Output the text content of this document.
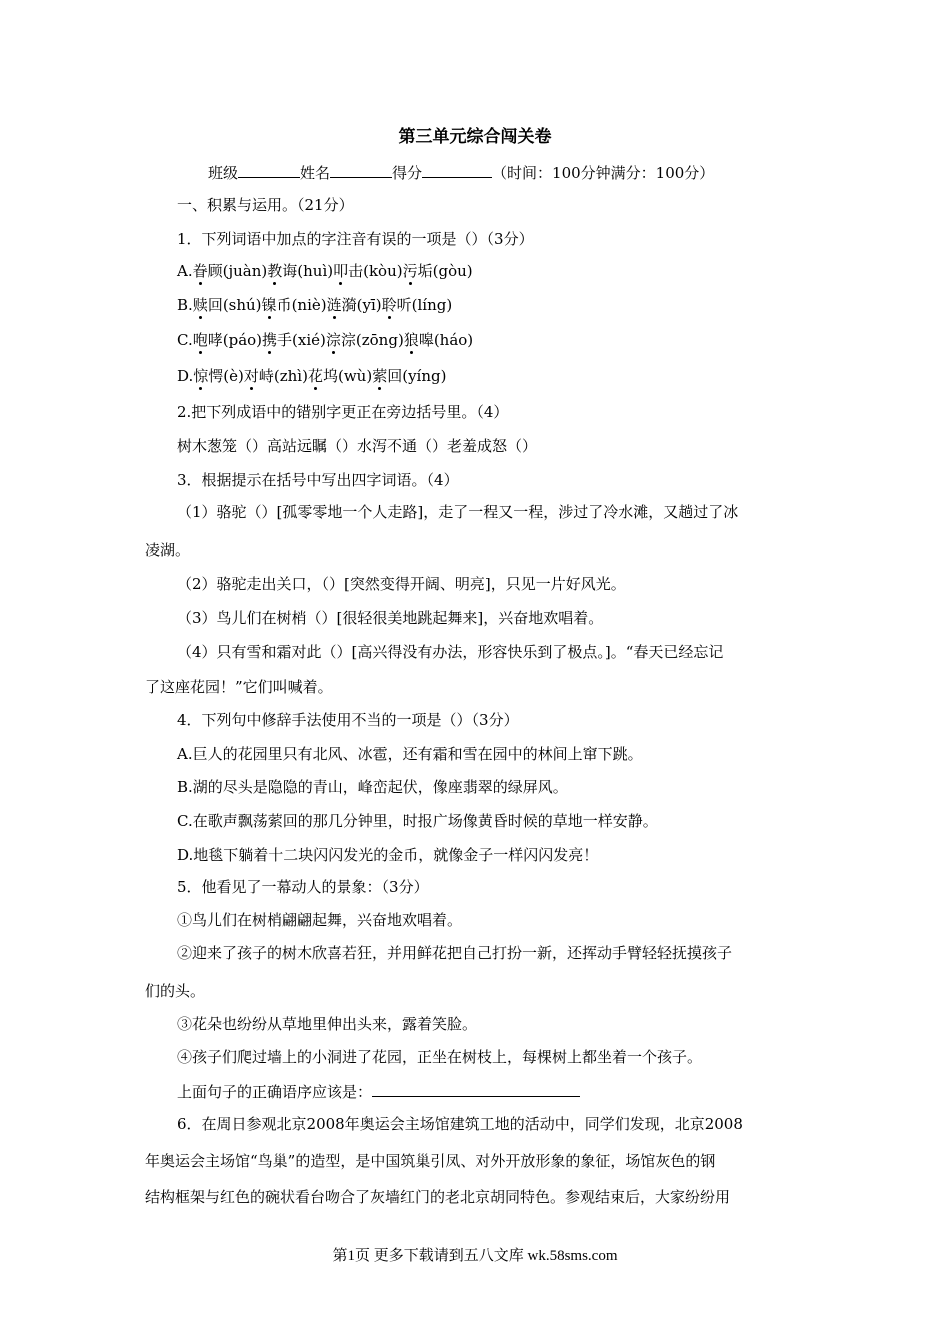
第三单元综合闯关卷
班级	姓名	得分	（时间：100分钟满分：100分）
一、积累与运用。（21分）
1．下列词语中加点的字注音有误的一项是（）（3分）
A.眷顾(juàn)教诲(huì)叩击(kòu)污垢(gòu)
B.赎回(shú)镍币(niè)涟漪(yī)聆听(líng)
C.咆哮(páo)携手(xié)淙淙(zōng)狼嗥(háo)
D.惊愕(è)对峙(zhì)花坞(wù)萦回(yíng)
2.把下列成语中的错别字更正在旁边括号里。（4）
树木葱笼（）高站远瞩（）水泻不通（）老羞成怒（）
3．根据提示在括号中写出四字词语。（4）
（1）骆驼（）[孤零零地一个人走路]，走了一程又一程，涉过了冷水滩，又趟过了冰
凌湖。
（2）骆驼走出关口，（）[突然变得开阔、明亮]，只见一片好风光。
（3）鸟儿们在树梢（）[很轻很美地跳起舞来]，兴奋地欢唱着。
（4）只有雪和霜对此（）[高兴得没有办法，形容快乐到了极点。]。“春天已经忘记
了这座花园！”它们叫喊着。
4．下列句中修辞手法使用不当的一项是（）（3分）
A.巨人的花园里只有北风、冰雹，还有霜和雪在园中的林间上窜下跳。
B.湖的尽头是隐隐的青山，峰峦起伏，像座翡翠的绿屏风。
C.在歌声飘荡萦回的那几分钟里，时报广场像黄昏时候的草地一样安静。
D.地毯下躺着十二块闪闪发光的金币，就像金子一样闪闪发亮！
5．他看见了一幕动人的景象：（3分）
①鸟儿们在树梢翩翩起舞，兴奋地欢唱着。
②迎来了孩子的树木欣喜若狂，并用鲜花把自己打扮一新，还挥动手臂轻轻抚摸孩子
们的头。
③花朵也纷纷从草地里伸出头来，露着笑脸。
④孩子们爬过墙上的小洞进了花园，正坐在树枝上，每棵树上都坐着一个孩子。
上面句子的正确语序应该是：
6．在周日参观北京2008年奥运会主场馆建筑工地的活动中，同学们发现，北京2008
年奥运会主场馆“鸟巢”的造型，是中国筑巢引凤、对外开放形象的象征，场馆灰色的钢
结构框架与红色的碗状看台吻合了灰墙红门的老北京胡同特色。参观结束后，大家纷纷用
第1页 更多下载请到五八文库 wk.58sms.com
